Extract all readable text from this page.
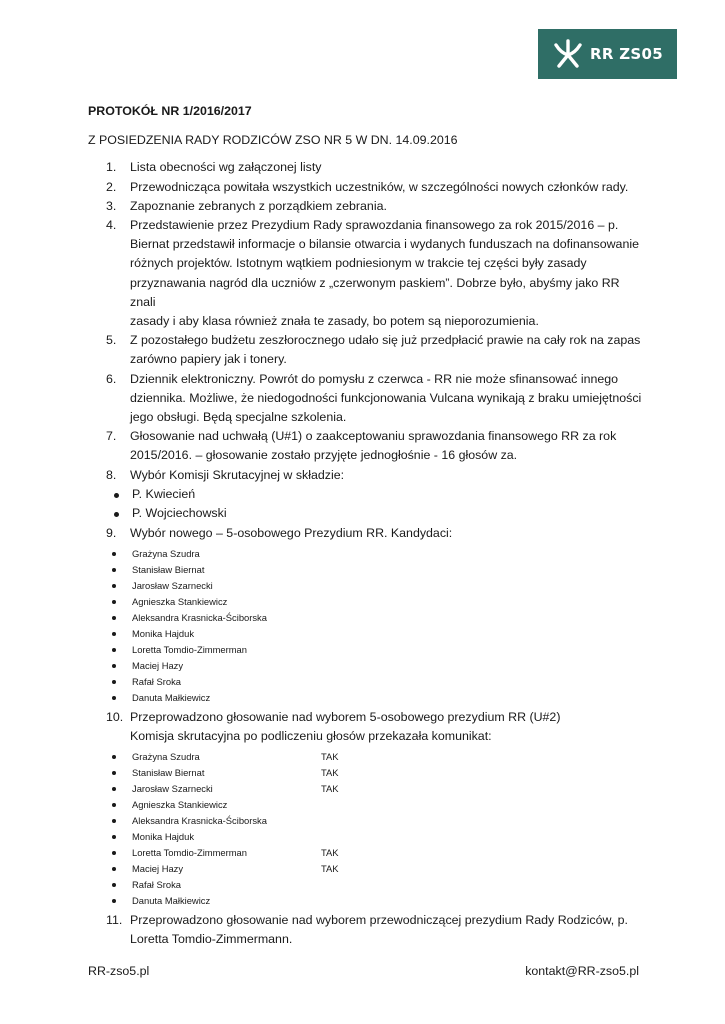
RR ZS05
PROTOKÓŁ NR 1/2016/2017
Z POSIEDZENIA RADY RODZICÓW ZSO NR 5 W DN. 14.09.2016
1.	Lista obecności wg załączonej listy
2.	Przewodnicząca powitała wszystkich uczestników, w szczególności nowych członków rady.
3.	Zapoznanie zebranych z porządkiem zebrania.
4.	Przedstawienie przez Prezydium Rady sprawozdania finansowego za rok 2015/2016 – p.
Biernat przedstawił informacje o bilansie otwarcia i wydanych funduszach na dofinansowanie
różnych projektów. Istotnym wątkiem podniesionym w trakcie tej części były zasady
przyznawania nagród dla uczniów z „czerwonym paskiem”. Dobrze było, abyśmy jako RR znali
zasady i aby klasa również znała te zasady, bo potem są nieporozumienia.
5.	Z pozostałego budżetu zeszłorocznego udało się już przedpłacić prawie na cały rok na zapas
zarówno papiery jak i tonery.
6.	Dziennik elektroniczny. Powrót do pomysłu z czerwca - RR nie może sfinansować innego
dziennika. Możliwe, że niedogodności funkcjonowania Vulcana wynikają z braku umiejętności
jego obsługi. Będą specjalne szkolenia.
7.	Głosowanie nad uchwałą (U#1) o zaakceptowaniu sprawozdania finansowego RR za rok
2015/2016. – głosowanie zostało przyjęte jednogłośnie - 16 głosów za.
8.	Wybór Komisji Skrutacyjnej w składzie:
P. Kwiecień
P. Wojciechowski
9.	Wybór nowego – 5-osobowego Prezydium RR. Kandydaci:
Grażyna Szudra
Stanisław Biernat
Jarosław Szarnecki
Agnieszka Stankiewicz
Aleksandra Krasnicka-Ściborska
Monika Hajduk
Loretta Tomdio-Zimmerman
Maciej Hazy
Rafał Sroka
Danuta Małkiewicz
10. Przeprowadzono głosowanie nad wyborem 5-osobowego prezydium RR (U#2)
Komisja skrutacyjna po podliczeniu głosów przekazała komunikat:
Grażyna Szudra	TAK
Stanisław Biernat	TAK
Jarosław Szarnecki	TAK
Agnieszka Stankiewicz
Aleksandra Krasnicka-Ściborska
Monika Hajduk
Loretta Tomdio-Zimmerman	TAK
Maciej Hazy	TAK
Rafał Sroka
Danuta Małkiewicz
11. Przeprowadzono głosowanie nad wyborem przewodniczącej prezydium Rady Rodziców, p.
Loretta Tomdio-Zimmermann.
RR-zso5.pl	kontakt@RR-zso5.pl
